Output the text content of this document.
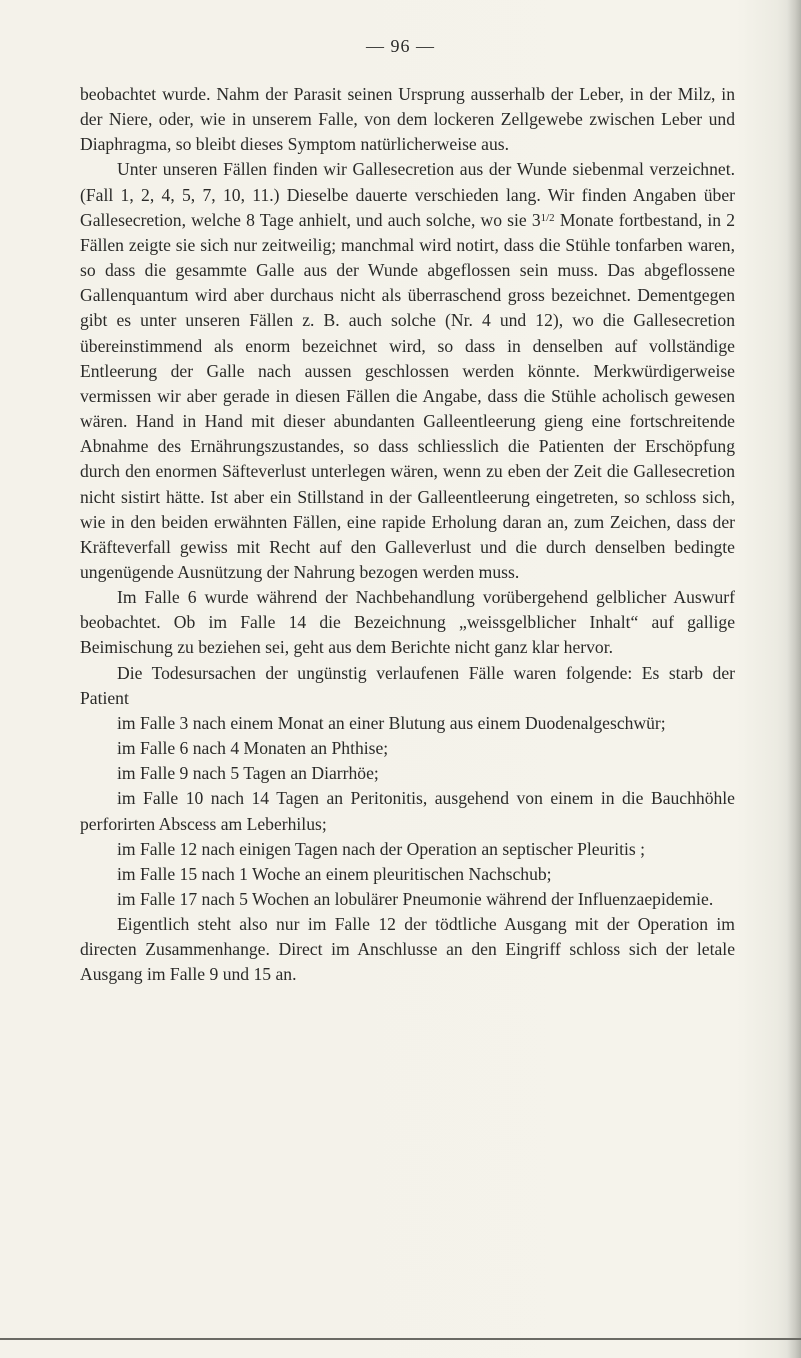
— 96 —

beobachtet wurde. Nahm der Parasit seinen Ursprung ausserhalb der Leber, in der Milz, in der Niere, oder, wie in unserem Falle, von dem lockeren Zellgewebe zwischen Leber und Diaphragma, so bleibt dieses Symptom natürlicherweise aus.

Unter unseren Fällen finden wir Gallesecretion aus der Wunde siebenmal verzeichnet. (Fall 1, 2, 4, 5, 7, 10, 11.) Dieselbe dauerte verschieden lang. Wir finden Angaben über Gallesecretion, welche 8 Tage anhielt, und auch solche, wo sie $3^{1/2}$ Monate fortbestand, in 2 Fällen zeigte sie sich nur zeitweilig; manchmal wird notirt, dass die Stühle tonfarben waren, so dass die gesammte Galle aus der Wunde abgeflossen sein muss. Das abgeflossene Gallenquantum wird aber durchaus nicht als überraschend gross bezeichnet. Dementgegen gibt es unter unseren Fällen z. B. auch solche (Nr. 4 und 12), wo die Gallesecretion übereinstimmend als enorm bezeichnet wird, so dass in denselben auf vollständige Entleerung der Galle nach aussen geschlossen werden könnte. Merkwürdigerweise vermissen wir aber gerade in diesen Fällen die Angabe, dass die Stühle acholisch gewesen wären. Hand in Hand mit dieser abundanten Galleentleerung gieng eine fortschreitende Abnahme des Ernährungszustandes, so dass schliesslich die Patienten der Erschöpfung durch den enormen Säfteverlust unterlegen wären, wenn zu eben der Zeit die Gallesecretion nicht sistirt hätte. Ist aber ein Stillstand in der Galleentleerung eingetreten, so schloss sich, wie in den beiden erwähnten Fällen, eine rapide Erholung daran an, zum Zeichen, dass der Kräfteverfall gewiss mit Recht auf den Galleverlust und die durch denselben bedingte ungenügende Ausnützung der Nahrung bezogen werden muss.

Im Falle 6 wurde während der Nachbehandlung vorübergehend gelblicher Auswurf beobachtet. Ob im Falle 14 die Bezeichnung „weissgelblicher Inhalt“ auf gallige Beimischung zu beziehen sei, geht aus dem Berichte nicht ganz klar hervor.

Die Todesursachen der ungünstig verlaufenen Fälle waren folgende: Es starb der Patient

im Falle 3 nach einem Monat an einer Blutung aus einem Duodenalgeschwür;

im Falle 6 nach 4 Monaten an Phthise;

im Falle 9 nach 5 Tagen an Diarrhöe;

im Falle 10 nach 14 Tagen an Peritonitis, ausgehend von einem in die Bauchhöhle perforirten Abscess am Leberhilus;

im Falle 12 nach einigen Tagen nach der Operation an septischer Pleuritis ;

im Falle 15 nach 1 Woche an einem pleuritischen Nachschub;

im Falle 17 nach 5 Wochen an lobulärer Pneumonie während der Influenzaepidemie.

Eigentlich steht also nur im Falle 12 der tödtliche Ausgang mit der Operation im directen Zusammenhange. Direct im Anschlusse an den Eingriff schloss sich der letale Ausgang im Falle 9 und 15 an.
